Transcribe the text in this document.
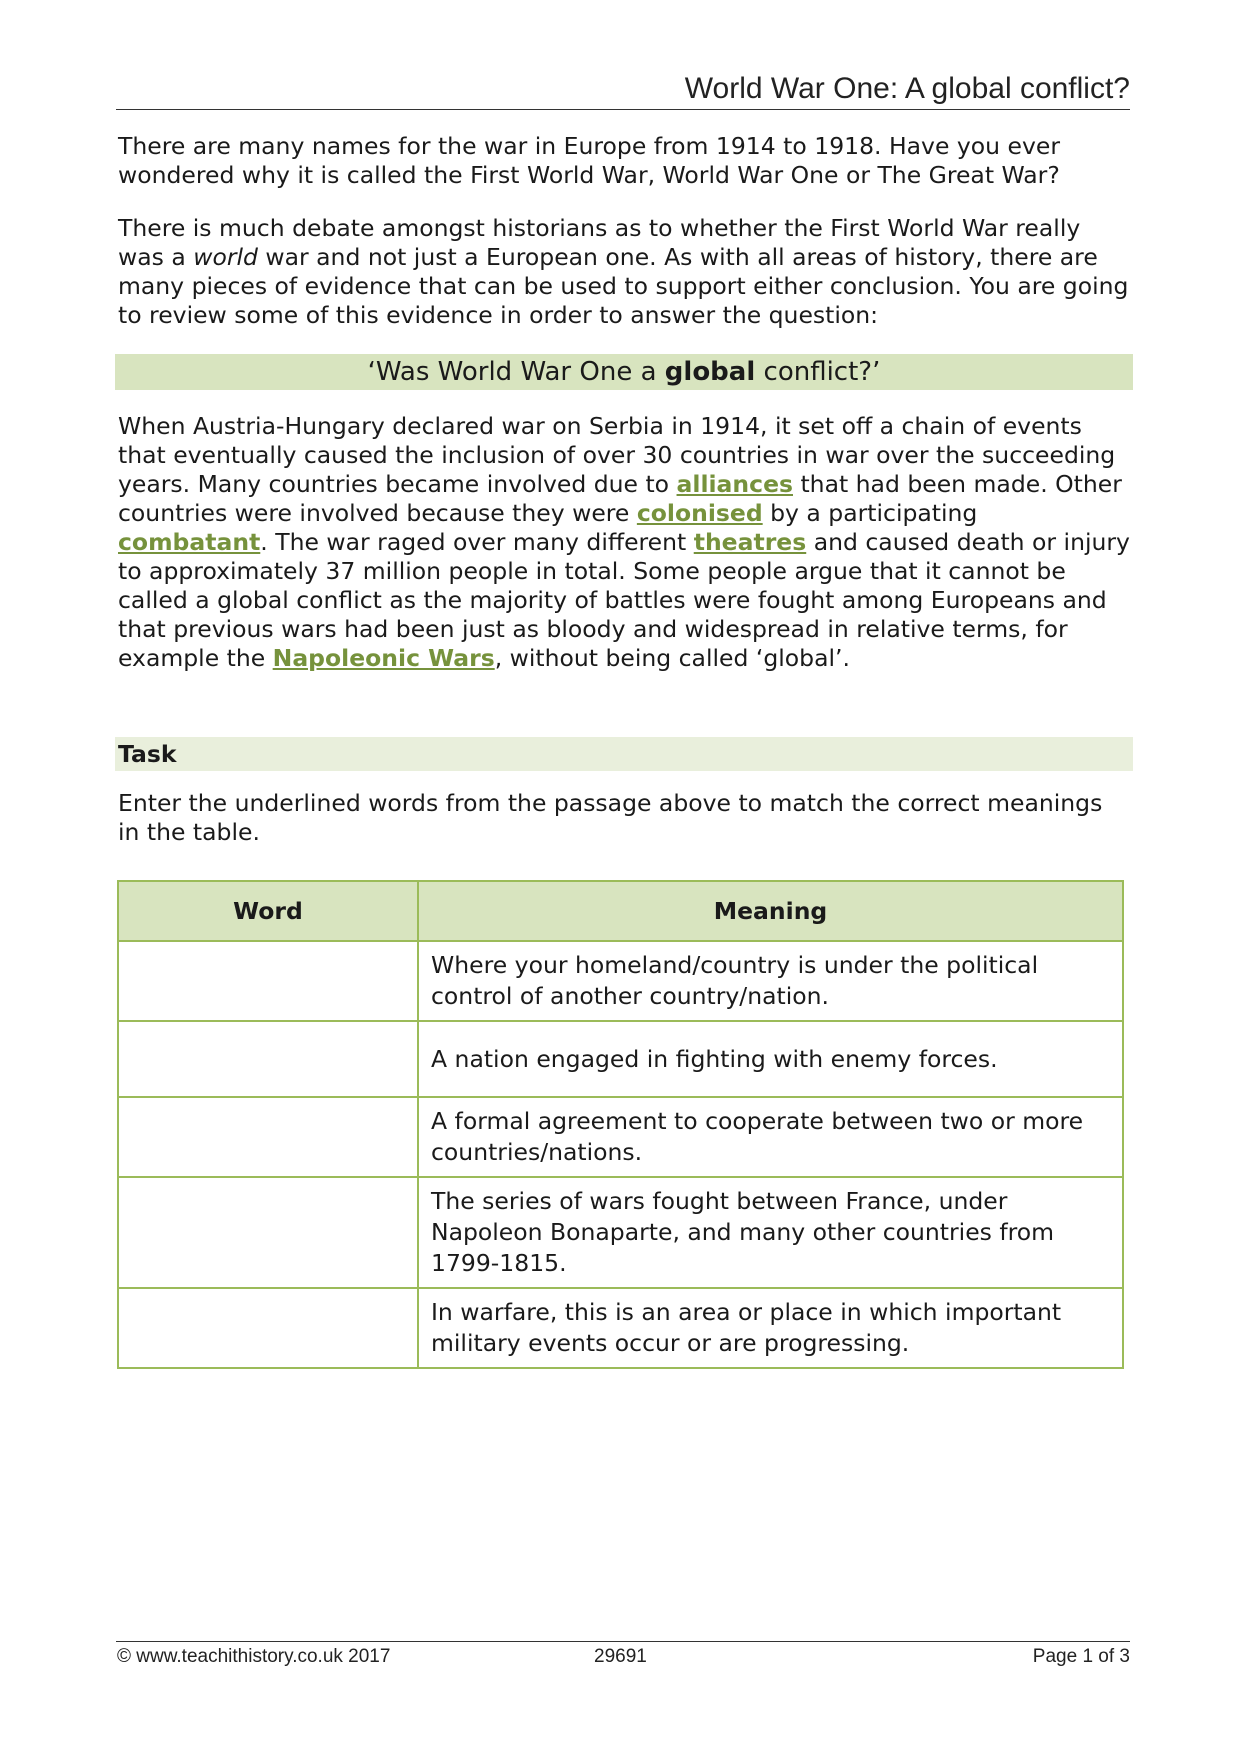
World War One: A global conflict?

There are many names for the war in Europe from 1914 to 1918. Have you ever wondered why it is called the First World War, World War One or The Great War?

There is much debate amongst historians as to whether the First World War really was a world war and not just a European one. As with all areas of history, there are many pieces of evidence that can be used to support either conclusion. You are going to review some of this evidence in order to answer the question:

‘Was World War One a global conflict?’

When Austria-Hungary declared war on Serbia in 1914, it set off a chain of events that eventually caused the inclusion of over 30 countries in war over the succeeding years. Many countries became involved due to alliances that had been made. Other countries were involved because they were colonised by a participating combatant. The war raged over many different theatres and caused death or injury to approximately 37 million people in total. Some people argue that it cannot be called a global conflict as the majority of battles were fought among Europeans and that previous wars had been just as bloody and widespread in relative terms, for example the Napoleonic Wars, without being called ‘global’.

Task

Enter the underlined words from the passage above to match the correct meanings in the table.

Word	Meaning
	Where your homeland/country is under the political control of another country/nation.
	A nation engaged in fighting with enemy forces.
	A formal agreement to cooperate between two or more countries/nations.
	The series of wars fought between France, under Napoleon Bonaparte, and many other countries from 1799-1815.
	In warfare, this is an area or place in which important military events occur or are progressing.
© www.teachithistory.co.uk 2017	29691	Page 1 of 3
